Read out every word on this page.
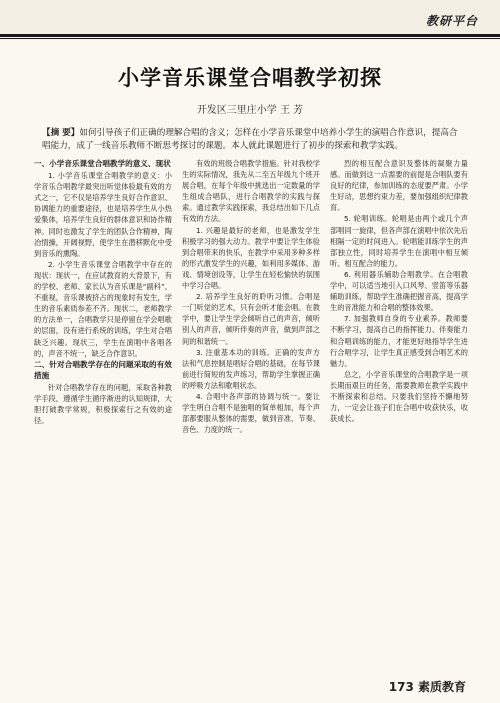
教研平台
小学音乐课堂合唱教学初探
开发区三里庄小学 王 芳
【摘 要】如何引导孩子们正确的理解合唱的含义；怎样在小学音乐课堂中培养小学生的演唱合作意识，提高合唱能力，成了一线音乐教师不断思考探讨的课题。本人就此课题进行了初步的探索和教学实践。
一、小学音乐课堂合唱教学的意义、现状

1. 小学音乐课堂合唱教学的意义：小学音乐合唱教学最突出听觉体验最有效的方式之一，它不仅是培养学生良好合作意识、协调能力的重要途径，也是培养学生从小热爱集体，培养学生良好的群体意识和协作精神。同时也激发了学生的团队合作精神，陶冶情操，开阔视野，使学生在潜移默化中受到音乐的熏陶。

2. 小学生音乐课堂合唱教学中存在的现状：现状一，在应试教育的大背景下，有的学校、老师、家长认为音乐课是“副科”，不重视，音乐课被挤占的现象时有发生，学生的音乐素质参差不齐。现状二，老师教学的方法单一，合唱教学只是停留在学会唱歌的层面，没有进行系统的训练，学生对合唱缺乏兴趣。现状三，学生在演唱中各唱各的，声音不统一，缺乏合作意识。

二、针对合唱教学存在的问题采取的有效措施

针对合唱教学存在的问题，采取各种教学手段，遵循学生循序渐进的认知规律，大胆打破教学常规，积极探索行之有效的途径。

有效的班级合唱教学措施。针对我校学生的实际情况，我先从二至五年级九个班开展合唱，在每个年级中挑选出一定数量的学生组成合唱队，进行合唱教学的实践与探索。通过教学实践探索，我总结出如下几点有效的方法。

1. 兴趣是最好的老师，也是激发学生积极学习的强大动力。教学中要让学生体验到合唱带来的快乐，在教学中采用多种多样的形式激发学生的兴趣，如利用多媒体、游戏、情境创设等，让学生在轻松愉快的氛围中学习合唱。

2. 培养学生良好的聆听习惯。合唱是一门听觉的艺术，只有会听才能会唱。在教学中，要让学生学会倾听自己的声音，倾听别人的声音，倾听伴奏的声音，做到声部之间的和谐统一。

3. 注重基本功的训练。正确的发声方法和气息控制是唱好合唱的基础，在每节课前进行简短的发声练习，帮助学生掌握正确的呼吸方法和歌唱状态。

4. 合唱中各声部的协调与统一。要让学生明白合唱不是独唱的简单相加，每个声部都要服从整体的需要，做到音准、节奏、音色、力度的统一。

烈的相互配合意识及整体的凝聚力量感。而做到这一点需要的前提是合唱队要有良好的纪律，参加训练的态度要严肃。小学生好动，思想约束力差，要加强组织纪律教育。

5. 轮唱训练。轮唱是由两个或几个声部唱同一旋律，但各声部在演唱中依次先后相隔一定的时间进入。轮唱能训练学生的声部独立性，同时培养学生在演唱中相互倾听、相互配合的能力。

6. 利用器乐辅助合唱教学。在合唱教学中，可以适当地引入口风琴、竖笛等乐器辅助训练，帮助学生准确把握音高，提高学生的音准能力和合唱的整体效果。

7. 加强教师自身的专业素养。教师要不断学习，提高自己的指挥能力、伴奏能力和合唱训练的能力，才能更好地指导学生进行合唱学习，让学生真正感受到合唱艺术的魅力。

总之，小学音乐课堂的合唱教学是一项长期而艰巨的任务，需要教师在教学实践中不断探索和总结。只要我们坚持不懈地努力，一定会让孩子们在合唱中收获快乐，收获成长。

173 素质教育
